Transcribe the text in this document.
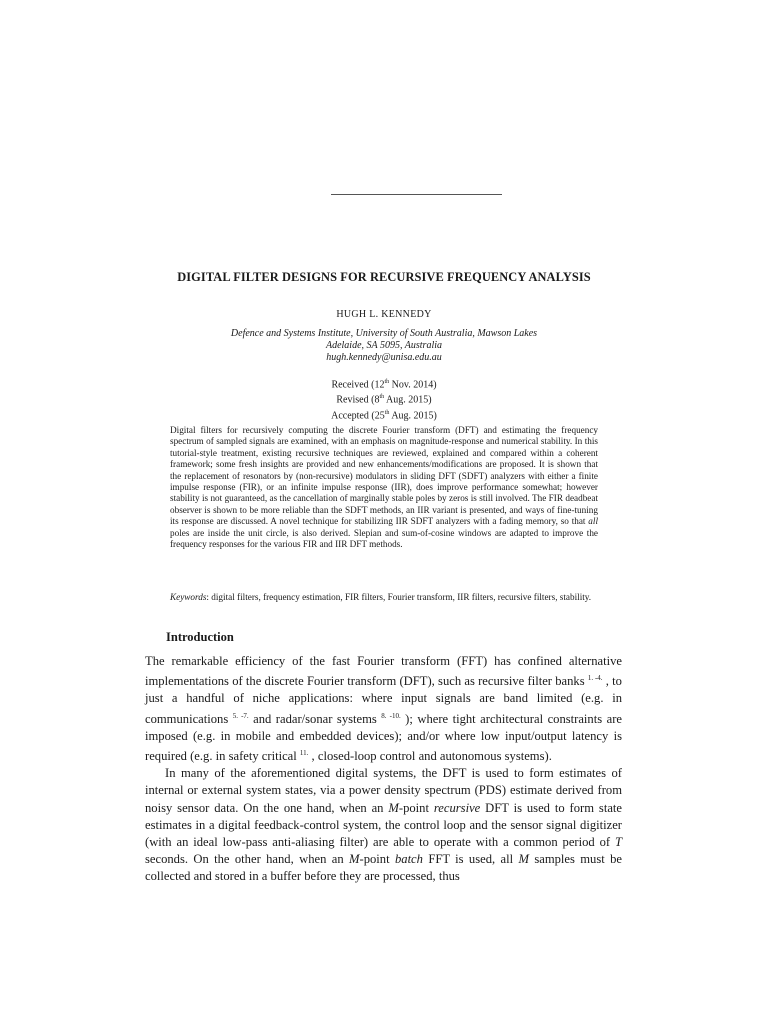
DIGITAL FILTER DESIGNS FOR RECURSIVE FREQUENCY ANALYSIS
HUGH L. KENNEDY
Defence and Systems Institute, University of South Australia, Mawson Lakes
Adelaide, SA 5095, Australia
hugh.kennedy@unisa.edu.au
Received (12th Nov. 2014)
Revised (8th Aug. 2015)
Accepted (25th Aug. 2015)
Digital filters for recursively computing the discrete Fourier transform (DFT) and estimating the frequency spectrum of sampled signals are examined, with an emphasis on magnitude-response and numerical stability. In this tutorial-style treatment, existing recursive techniques are reviewed, explained and compared within a coherent framework; some fresh insights are provided and new enhancements/modifications are proposed. It is shown that the replacement of resonators by (non-recursive) modulators in sliding DFT (SDFT) analyzers with either a finite impulse response (FIR), or an infinite impulse response (IIR), does improve performance somewhat; however stability is not guaranteed, as the cancellation of marginally stable poles by zeros is still involved. The FIR deadbeat observer is shown to be more reliable than the SDFT methods, an IIR variant is presented, and ways of fine-tuning its response are discussed. A novel technique for stabilizing IIR SDFT analyzers with a fading memory, so that all poles are inside the unit circle, is also derived. Slepian and sum-of-cosine windows are adapted to improve the frequency responses for the various FIR and IIR DFT methods.
Keywords: digital filters, frequency estimation, FIR filters, Fourier transform, IIR filters, recursive filters, stability.
Introduction

The remarkable efficiency of the fast Fourier transform (FFT) has confined alternative implementations of the discrete Fourier transform (DFT), such as recursive filter banks $^{1. -4.}$ , to just a handful of niche applications: where input signals are band limited (e.g. in communications $^{5. -7.}$ and radar/sonar systems $^{8. -10.}$ ); where tight architectural constraints are imposed (e.g. in mobile and embedded devices); and/or where low input/output latency is required (e.g. in safety critical $^{11.}$ , closed-loop control and autonomous systems).

In many of the aforementioned digital systems, the DFT is used to form estimates of internal or external system states, via a power density spectrum (PDS) estimate derived from noisy sensor data. On the one hand, when an M-point recursive DFT is used to form state estimates in a digital feedback-control system, the control loop and the sensor signal digitizer (with an ideal low-pass anti-aliasing filter) are able to operate with a common period of T seconds. On the other hand, when an M-point batch FFT is used, all M samples must be collected and stored in a buffer before they are processed, thus
